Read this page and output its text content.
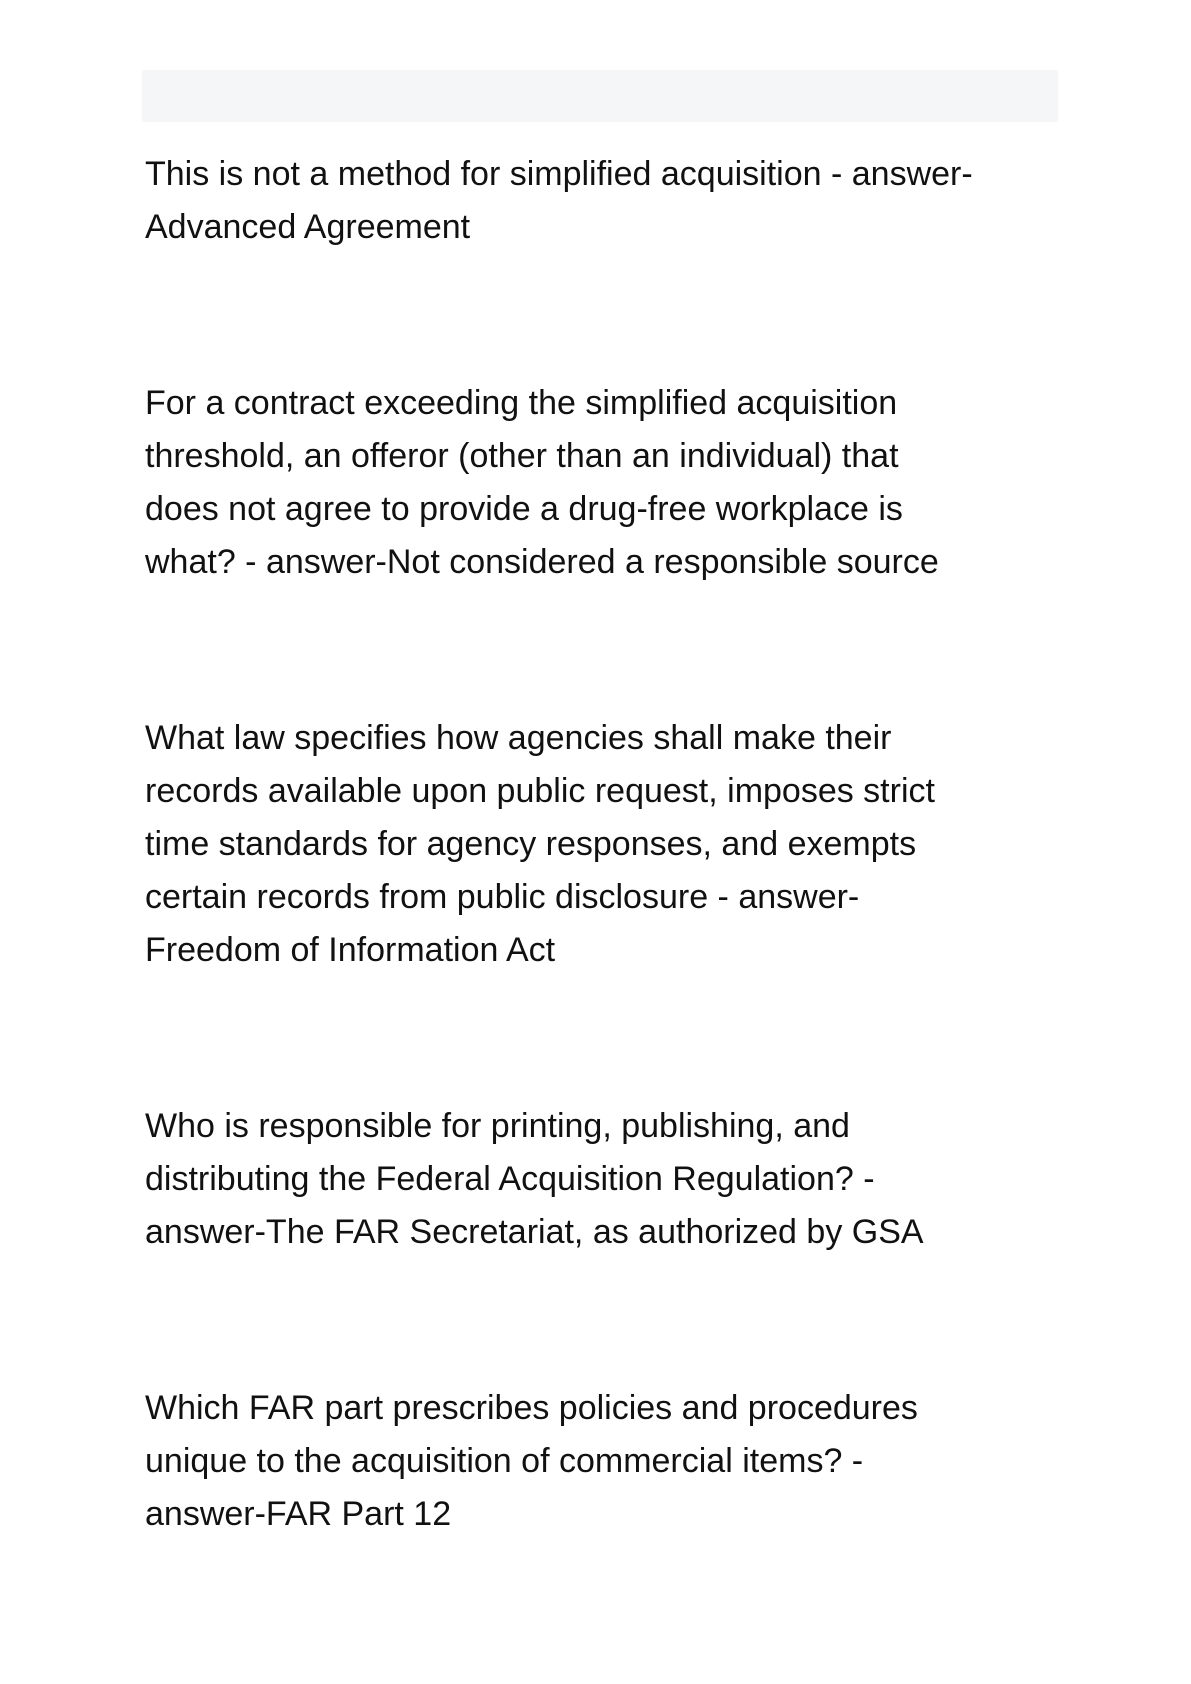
This is not a method for simplified acquisition - answer-
Advanced Agreement
For a contract exceeding the simplified acquisition
threshold, an offeror (other than an individual) that
does not agree to provide a drug-free workplace is
what? - answer-Not considered a responsible source
What law specifies how agencies shall make their
records available upon public request, imposes strict
time standards for agency responses, and exempts
certain records from public disclosure - answer-
Freedom of Information Act
Who is responsible for printing, publishing, and
distributing the Federal Acquisition Regulation? -
answer-The FAR Secretariat, as authorized by GSA
Which FAR part prescribes policies and procedures
unique to the acquisition of commercial items? -
answer-FAR Part 12
